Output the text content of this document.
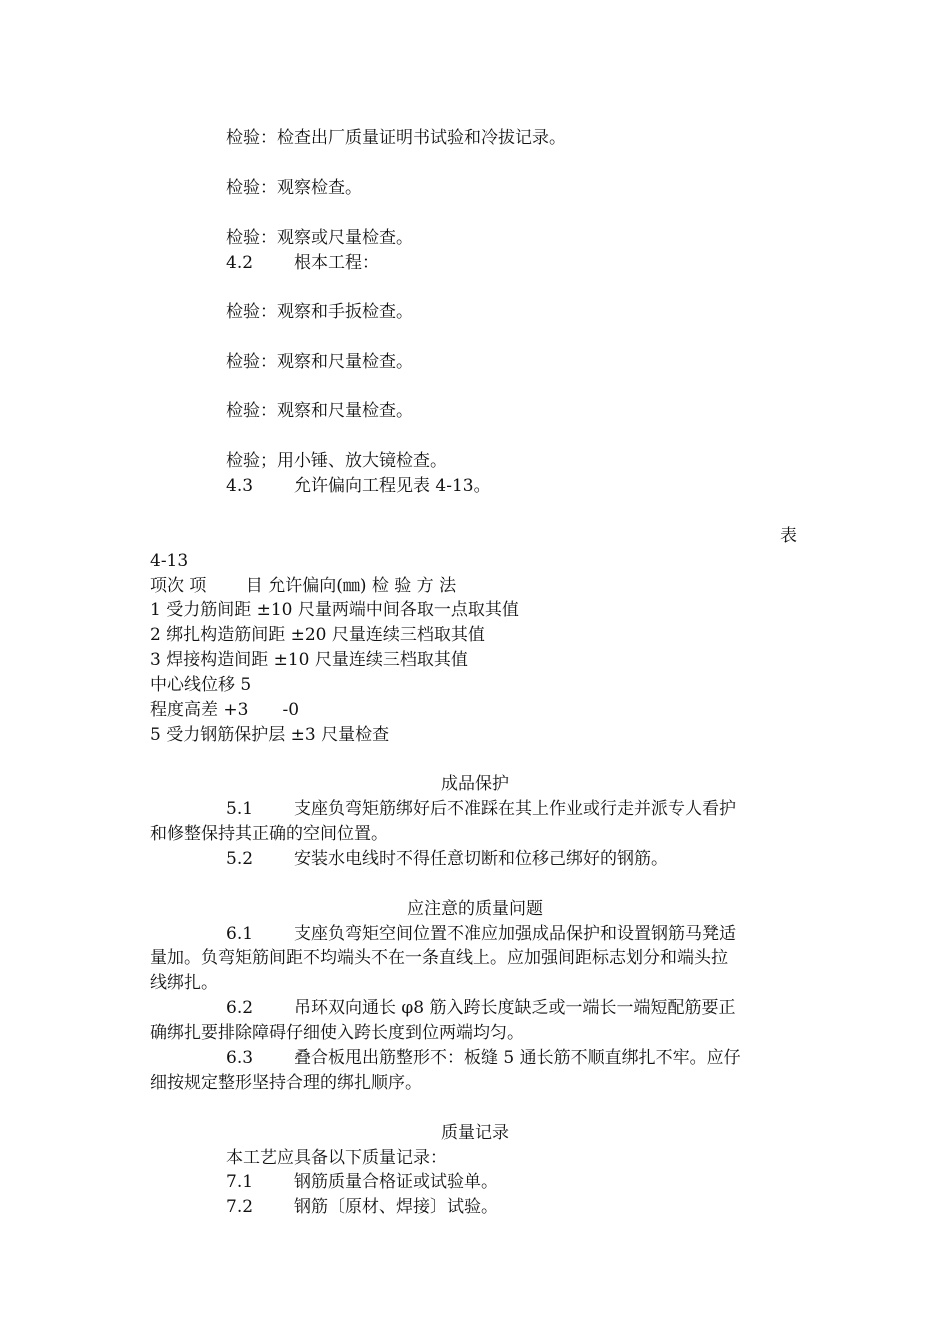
检验：检查出厂质量证明书试验和冷拔记录。
检验：观察检查。
检验：观察或尺量检查。
4.2 根本工程：
检验：观察和手扳检查。
检验：观察和尺量检查。
检验：观察和尺量检查。
检验；用小锤、放大镜检查。
4.3 允许偏向工程见表 4-13。
表
4-13
项次 项　　 目 允许偏向(㎜) 检 验 方 法
1 受力筋间距 ±10 尺量两端中间各取一点取其值
2 绑扎构造筋间距 ±20 尺量连续三档取其值
3 焊接构造间距 ±10 尺量连续三档取其值
中心线位移 5
程度高差 +3　　-0
5 受力钢筋保护层 ±3 尺量检查
成品保护
5.1 支座负弯矩筋绑好后不准踩在其上作业或行走并派专人看护
和修整保持其正确的空间位置。
5.2 安装水电线时不得任意切断和位移己绑好的钢筋。
应注意的质量问题
6.1 支座负弯矩空间位置不准应加强成品保护和设置钢筋马凳适
量加。负弯矩筋间距不均端头不在一条直线上。应加强间距标志划分和端头拉
线绑扎。
6.2 吊环双向通长 φ8 筋入跨长度缺乏或一端长一端短配筋要正
确绑扎要排除障碍仔细使入跨长度到位两端均匀。
6.3 叠合板甩出筋整形不：板缝 5 通长筋不顺直绑扎不牢。应仔
细按规定整形坚持合理的绑扎顺序。
质量记录
本工艺应具备以下质量记录：
7.1 钢筋质量合格证或试验单。
7.2 钢筋〔原材、焊接〕试验。
